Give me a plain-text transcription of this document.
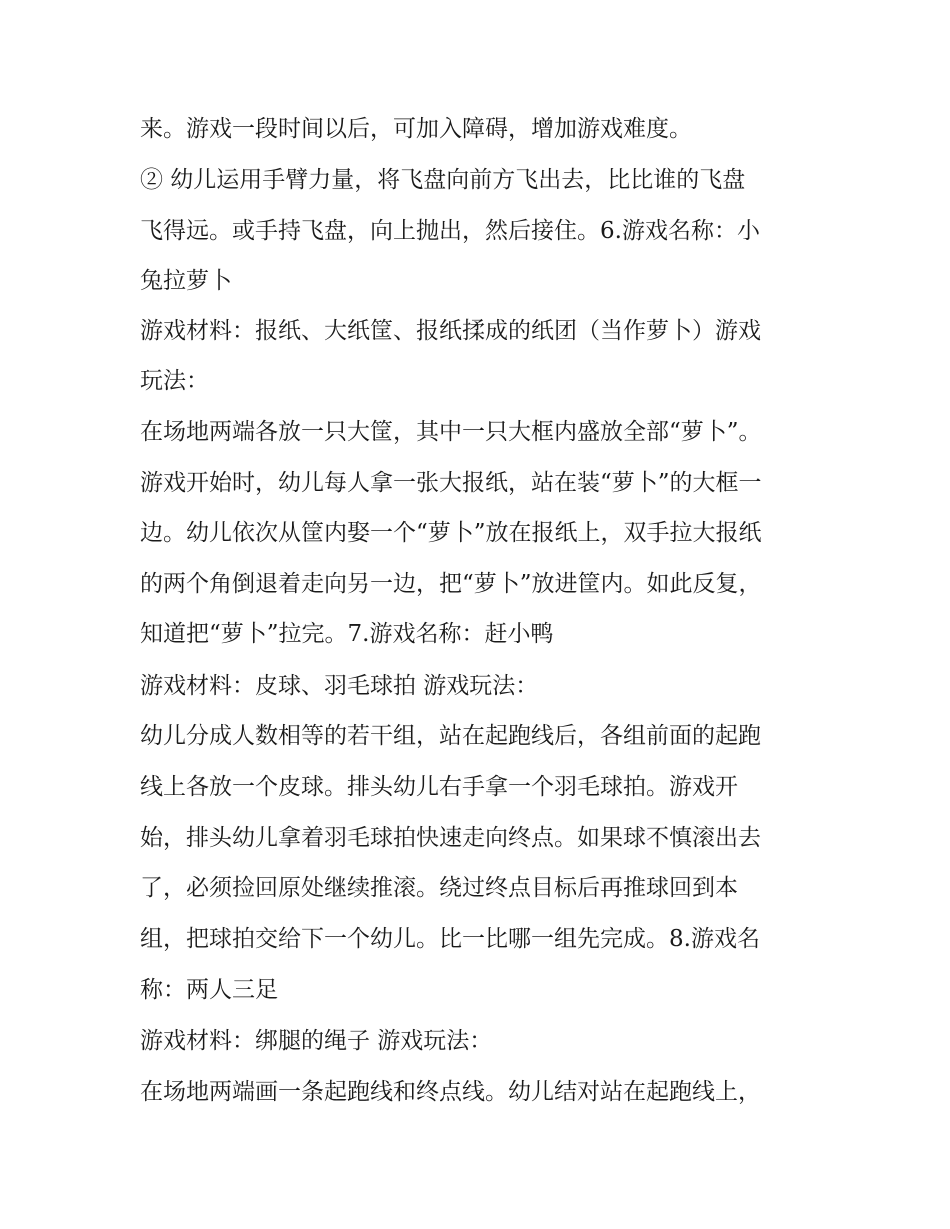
来。游戏一段时间以后，可加入障碍，增加游戏难度。
② 幼儿运用手臂力量，将飞盘向前方飞出去，比比谁的飞盘
飞得远。或手持飞盘，向上抛出，然后接住。6.游戏名称：小
兔拉萝卜
游戏材料：报纸、大纸筐、报纸揉成的纸团（当作萝卜）游戏
玩法：
在场地两端各放一只大筐，其中一只大框内盛放全部“萝卜”。
游戏开始时，幼儿每人拿一张大报纸，站在装“萝卜”的大框一
边。幼儿依次从筐内娶一个“萝卜”放在报纸上，双手拉大报纸
的两个角倒退着走向另一边，把“萝卜”放进筐内。如此反复，
知道把“萝卜”拉完。7.游戏名称：赶小鸭
游戏材料：皮球、羽毛球拍 游戏玩法：
幼儿分成人数相等的若干组，站在起跑线后，各组前面的起跑
线上各放一个皮球。排头幼儿右手拿一个羽毛球拍。游戏开
始，排头幼儿拿着羽毛球拍快速走向终点。如果球不慎滚出去
了，必须捡回原处继续推滚。绕过终点目标后再推球回到本
组，把球拍交给下一个幼儿。比一比哪一组先完成。8.游戏名
称：两人三足
游戏材料：绑腿的绳子 游戏玩法：
在场地两端画一条起跑线和终点线。幼儿结对站在起跑线上，
